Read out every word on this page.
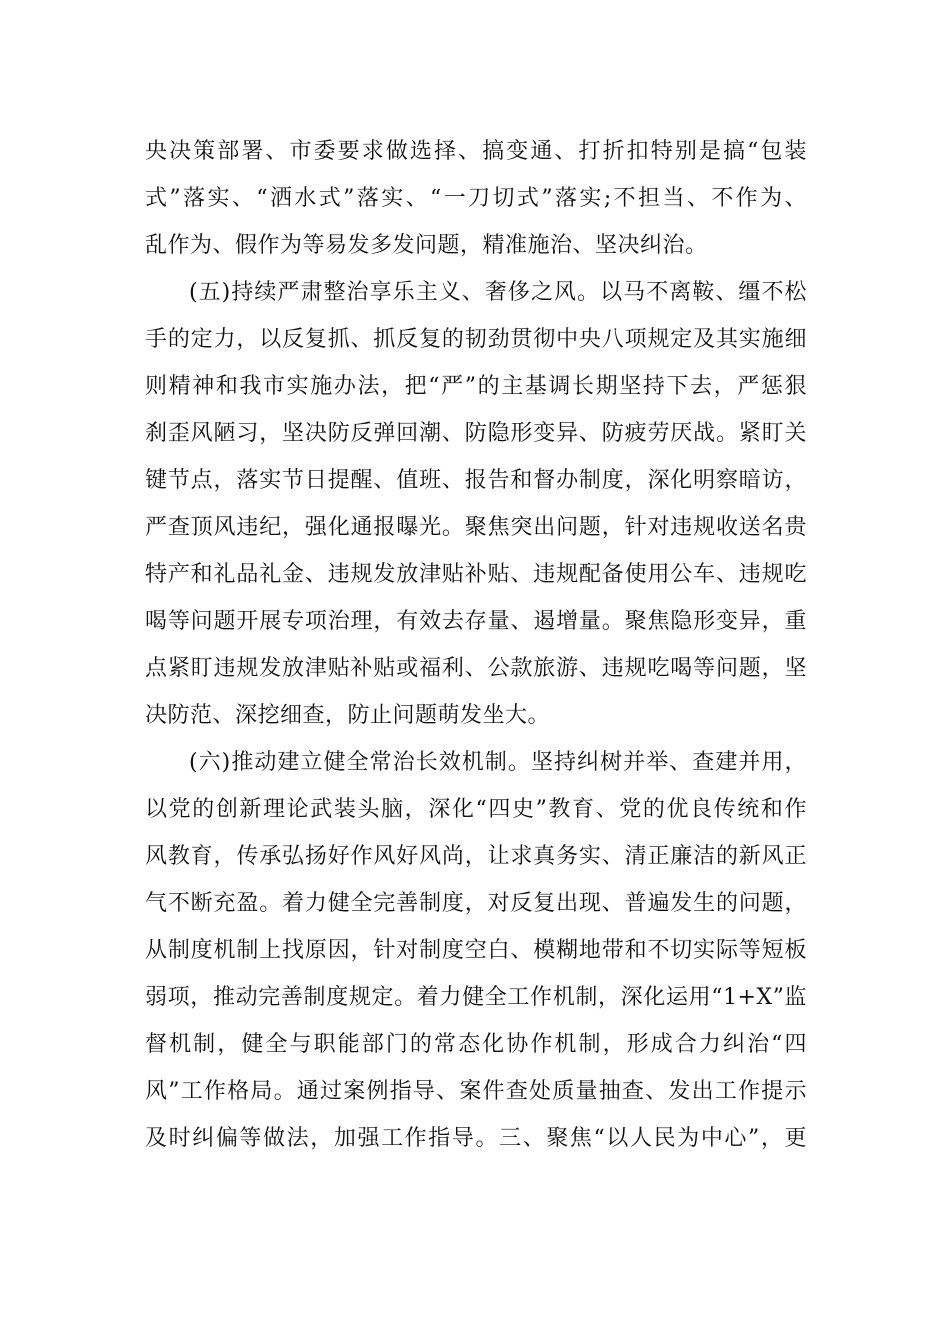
央决策部署、市委要求做选择、搞变通、打折扣特别是搞“包装
式”落实、“洒水式”落实、“一刀切式”落实;不担当、不作为、
乱作为、假作为等易发多发问题，精准施治、坚决纠治。
(五)持续严肃整治享乐主义、奢侈之风。以马不离鞍、缰不松
手的定力，以反复抓、抓反复的韧劲贯彻中央八项规定及其实施细
则精神和我市实施办法，把“严”的主基调长期坚持下去，严惩狠
刹歪风陋习，坚决防反弹回潮、防隐形变异、防疲劳厌战。紧盯关
键节点，落实节日提醒、值班、报告和督办制度，深化明察暗访，
严查顶风违纪，强化通报曝光。聚焦突出问题，针对违规收送名贵
特产和礼品礼金、违规发放津贴补贴、违规配备使用公车、违规吃
喝等问题开展专项治理，有效去存量、遏增量。聚焦隐形变异，重
点紧盯违规发放津贴补贴或福利、公款旅游、违规吃喝等问题，坚
决防范、深挖细查，防止问题萌发坐大。
(六)推动建立健全常治长效机制。坚持纠树并举、查建并用，
以党的创新理论武装头脑，深化“四史”教育、党的优良传统和作
风教育，传承弘扬好作风好风尚，让求真务实、清正廉洁的新风正
气不断充盈。着力健全完善制度，对反复出现、普遍发生的问题，
从制度机制上找原因，针对制度空白、模糊地带和不切实际等短板
弱项，推动完善制度规定。着力健全工作机制，深化运用“1+X”监
督机制，健全与职能部门的常态化协作机制，形成合力纠治“四
风”工作格局。通过案例指导、案件查处质量抽查、发出工作提示
及时纠偏等做法，加强工作指导。三、聚焦“以人民为中心”，更
